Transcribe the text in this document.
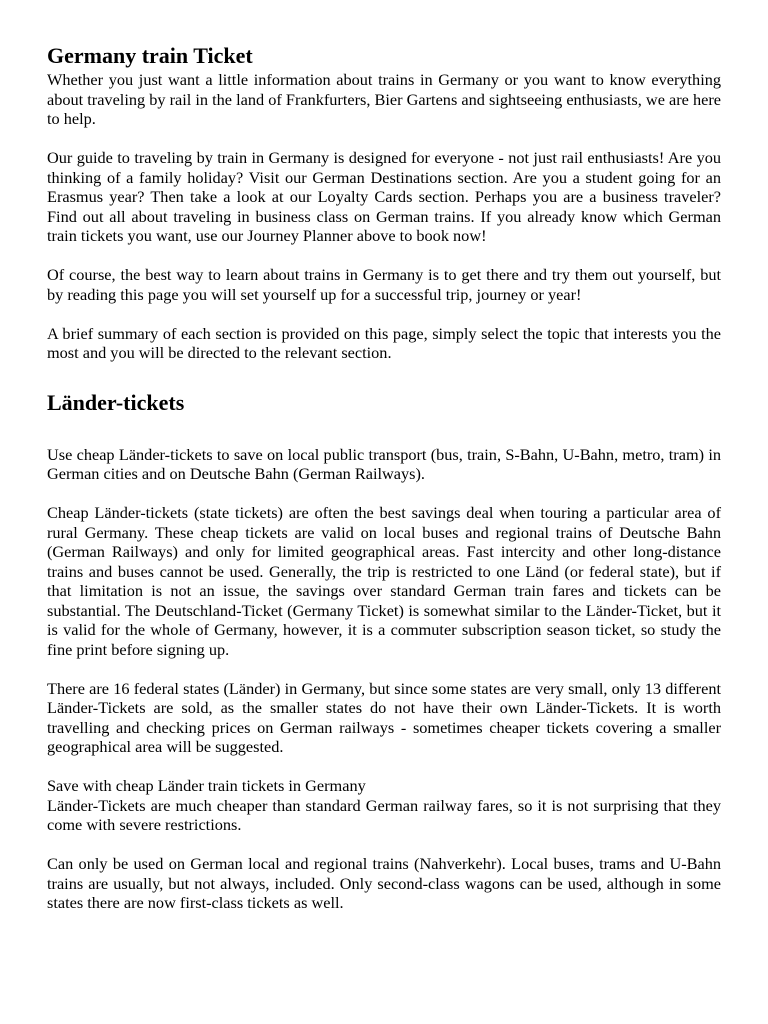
Germany train Ticket

Whether you just want a little information about trains in Germany or you want to know everything about traveling by rail in the land of Frankfurters, Bier Gartens and sightseeing enthusiasts, we are here to help.

Our guide to traveling by train in Germany is designed for everyone - not just rail enthusiasts! Are you thinking of a family holiday? Visit our German Destinations section. Are you a student going for an Erasmus year? Then take a look at our Loyalty Cards section. Perhaps you are a business traveler? Find out all about traveling in business class on German trains. If you already know which German train tickets you want, use our Journey Planner above to book now!

Of course, the best way to learn about trains in Germany is to get there and try them out yourself, but by reading this page you will set yourself up for a successful trip, journey or year!

A brief summary of each section is provided on this page, simply select the topic that interests you the most and you will be directed to the relevant section.

Länder-tickets

Use cheap Länder-tickets to save on local public transport (bus, train, S-Bahn, U-Bahn, metro, tram) in German cities and on Deutsche Bahn (German Railways).

Cheap Länder-tickets (state tickets) are often the best savings deal when touring a particular area of rural Germany. These cheap tickets are valid on local buses and regional trains of Deutsche Bahn (German Railways) and only for limited geographical areas. Fast intercity and other long-distance trains and buses cannot be used. Generally, the trip is restricted to one Länd (or federal state), but if that limitation is not an issue, the savings over standard German train fares and tickets can be substantial. The Deutschland-Ticket (Germany Ticket) is somewhat similar to the Länder-Ticket, but it is valid for the whole of Germany, however, it is a commuter subscription season ticket, so study the fine print before signing up.

There are 16 federal states (Länder) in Germany, but since some states are very small, only 13 different Länder-Tickets are sold, as the smaller states do not have their own Länder-Tickets. It is worth travelling and checking prices on German railways - sometimes cheaper tickets covering a smaller geographical area will be suggested.

Save with cheap Länder train tickets in Germany

Länder-Tickets are much cheaper than standard German railway fares, so it is not surprising that they come with severe restrictions.

Can only be used on German local and regional trains (Nahverkehr). Local buses, trams and U-Bahn trains are usually, but not always, included. Only second-class wagons can be used, although in some states there are now first-class tickets as well.
